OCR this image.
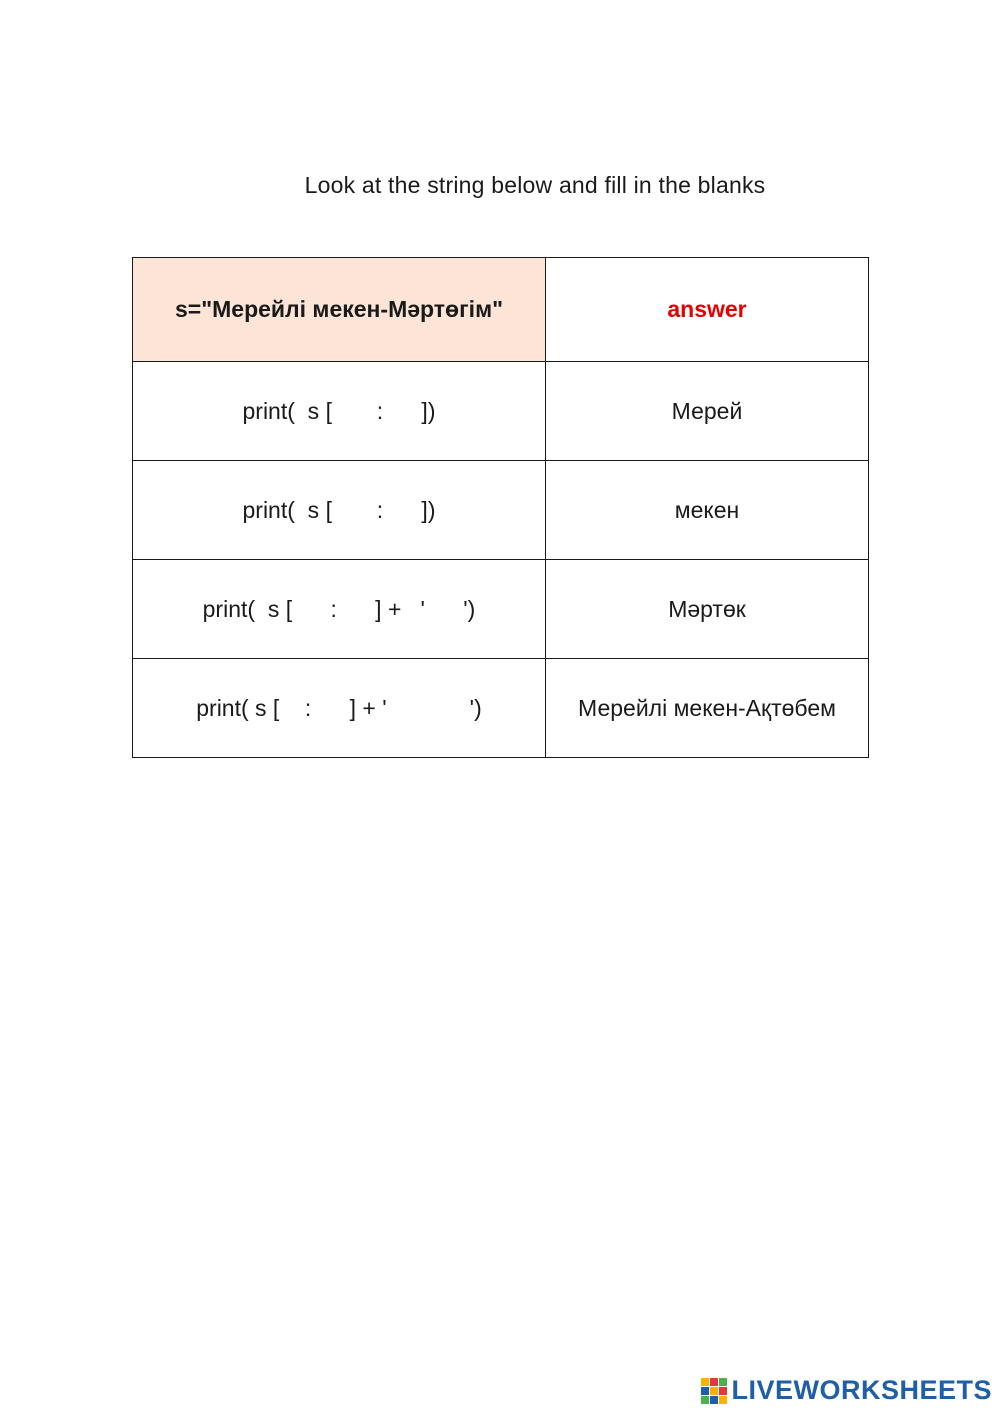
Look at the string below and fill in the blanks
s="Мерейлі мекен-Мәртөгім"	answer
print(  s [       :      ])	Мерей
print(  s [       :      ])	мекен
print(  s [      :      ] +   '      ')	Мәртөк
print( s [    :      ] + '             ')	Мерейлі мекен-Ақтөбем
LIVEWORKSHEETS
